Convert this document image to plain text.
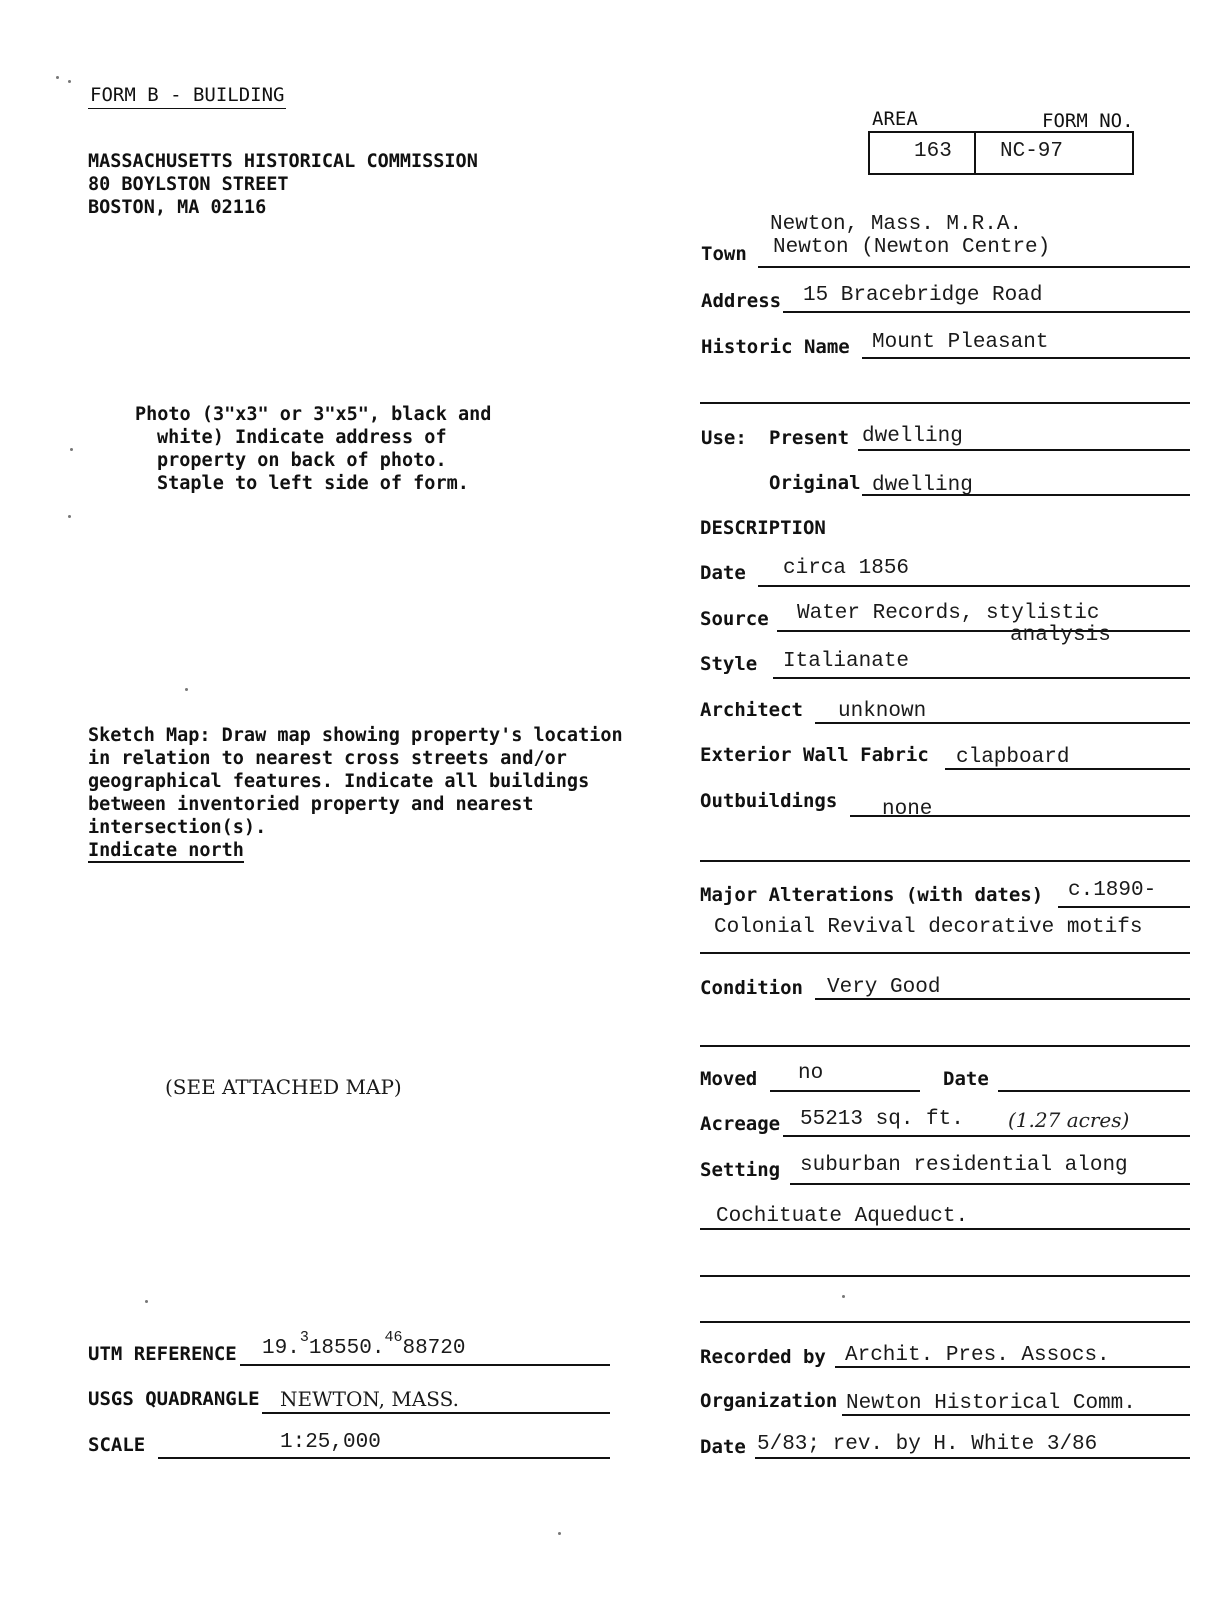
FORM B - BUILDING
MASSACHUSETTS HISTORICAL COMMISSION
80 BOYLSTON STREET
BOSTON, MA 02116
AREA	FORM NO.
163 NC-97
Photo (3"x3" or 3"x5", black and
white) Indicate address of
property on back of photo.
Staple to left side of form.
Sketch Map: Draw map showing property's location
in relation to nearest cross streets and/or
geographical features. Indicate all buildings
between inventoried property and nearest
intersection(s).
Indicate north
(SEE ATTACHED MAP)
UTM REFERENCE 19.$^3$18550.4688720
USGS QUADRANGLE NEWTON, MASS.
SCALE	1:25,000
Newton, Mass. M.R.A.
Town Newton (Newton Centre)
Address 15 Bracebridge Road
Historic Name Mount Pleasant
Use: Present dwelling
Original dwelling
DESCRIPTION
Date circa 1856
Source Water Records, stylistic
analysis
Style Italianate
Architect unknown
Exterior Wall Fabric clapboard
Outbuildings none
Major Alterations (with dates) c.1890-
Colonial Revival decorative motifs
Condition Very Good
Moved no	Date
Acreage 55213 sq. ft. (1.27 acres)
Setting suburban residential along
Cochituate Aqueduct.
Recorded by Archit. Pres. Assocs.
Organization Newton Historical Comm.
Date 5/83; rev. by H. White 3/86
